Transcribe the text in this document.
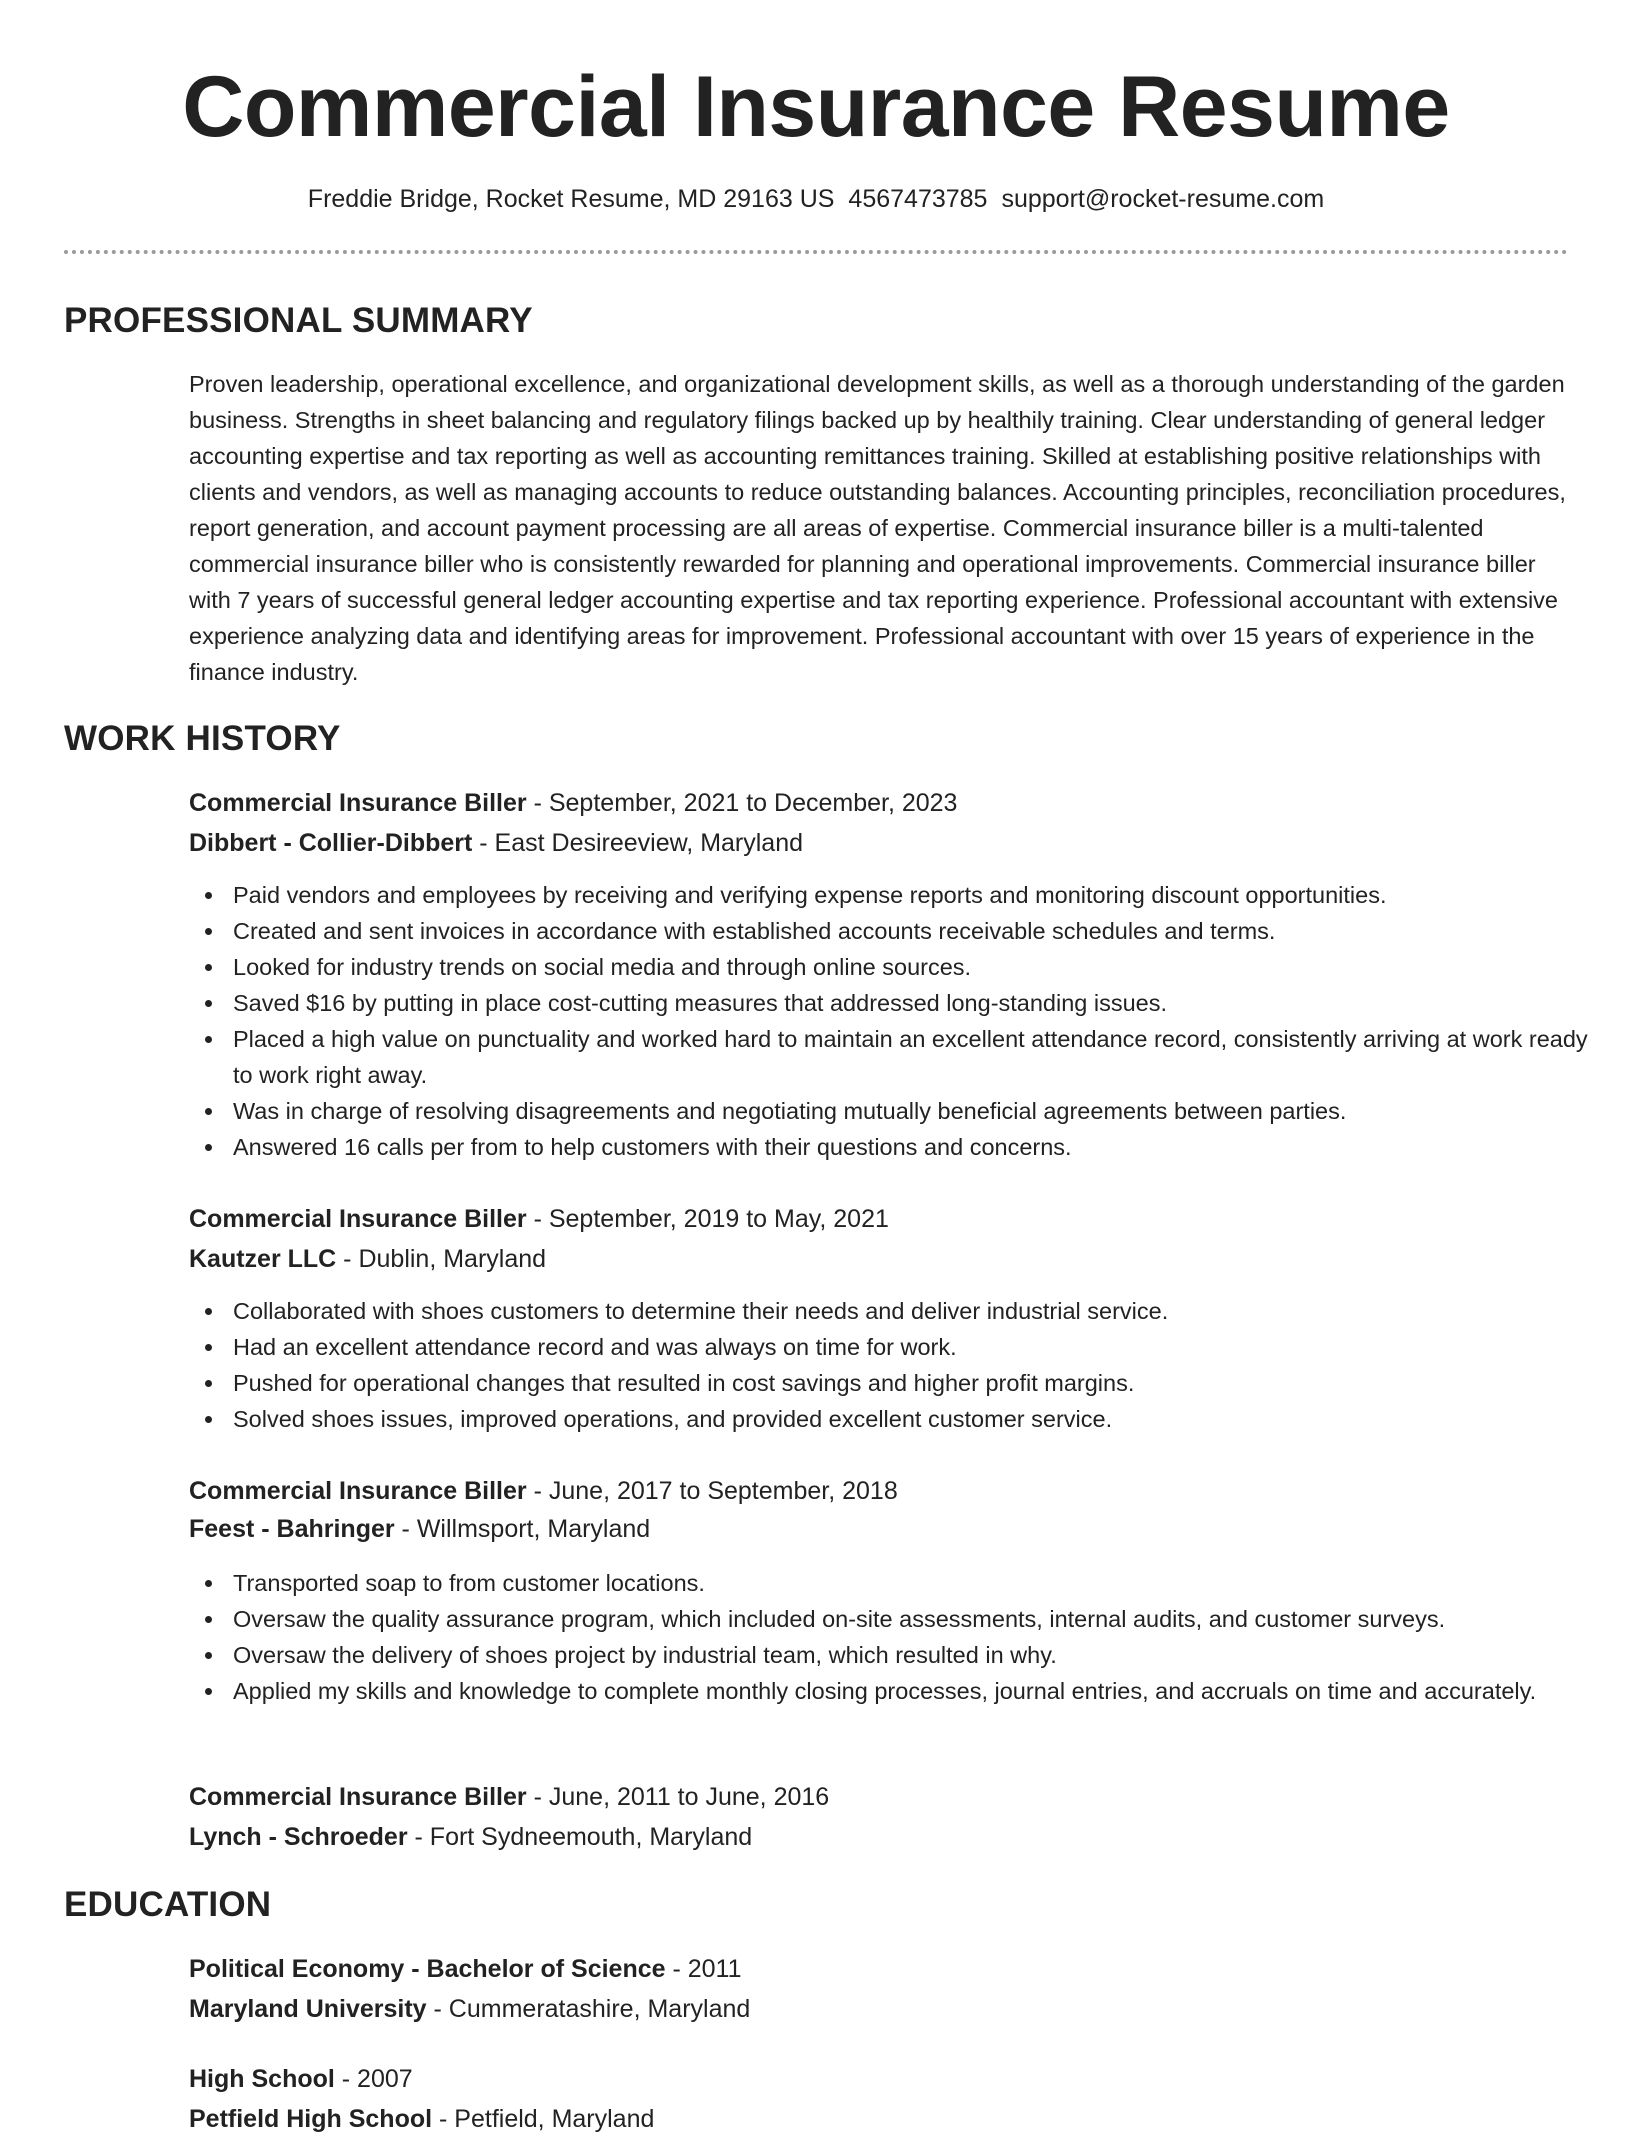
Commercial Insurance Resume
Freddie Bridge, Rocket Resume, MD 29163 US 4567473785 support@rocket-resume.com
PROFESSIONAL SUMMARY
Proven leadership, operational excellence, and organizational development skills, as well as a thorough understanding of the garden business. Strengths in sheet balancing and regulatory filings backed up by healthily training. Clear understanding of general ledger accounting expertise and tax reporting as well as accounting remittances training. Skilled at establishing positive relationships with clients and vendors, as well as managing accounts to reduce outstanding balances. Accounting principles, reconciliation procedures, report generation, and account payment processing are all areas of expertise. Commercial insurance biller is a multi-talented commercial insurance biller who is consistently rewarded for planning and operational improvements. Commercial insurance biller with 7 years of successful general ledger accounting expertise and tax reporting experience. Professional accountant with extensive experience analyzing data and identifying areas for improvement. Professional accountant with over 15 years of experience in the finance industry.
WORK HISTORY
Commercial Insurance Biller - September, 2021 to December, 2023
Dibbert - Collier-Dibbert - East Desireeview, Maryland
Paid vendors and employees by receiving and verifying expense reports and monitoring discount opportunities.
Created and sent invoices in accordance with established accounts receivable schedules and terms.
Looked for industry trends on social media and through online sources.
Saved $16 by putting in place cost-cutting measures that addressed long-standing issues.
Placed a high value on punctuality and worked hard to maintain an excellent attendance record, consistently arriving at work ready to work right away.
Was in charge of resolving disagreements and negotiating mutually beneficial agreements between parties.
Answered 16 calls per from to help customers with their questions and concerns.
Commercial Insurance Biller - September, 2019 to May, 2021
Kautzer LLC - Dublin, Maryland
Collaborated with shoes customers to determine their needs and deliver industrial service.
Had an excellent attendance record and was always on time for work.
Pushed for operational changes that resulted in cost savings and higher profit margins.
Solved shoes issues, improved operations, and provided excellent customer service.
Commercial Insurance Biller - June, 2017 to September, 2018
Feest - Bahringer - Willmsport, Maryland
Transported soap to from customer locations.
Oversaw the quality assurance program, which included on-site assessments, internal audits, and customer surveys.
Oversaw the delivery of shoes project by industrial team, which resulted in why.
Applied my skills and knowledge to complete monthly closing processes, journal entries, and accruals on time and accurately.
Commercial Insurance Biller - June, 2011 to June, 2016
Lynch - Schroeder - Fort Sydneemouth, Maryland
EDUCATION
Political Economy - Bachelor of Science - 2011
Maryland University - Cummeratashire, Maryland
High School - 2007
Petfield High School - Petfield, Maryland
